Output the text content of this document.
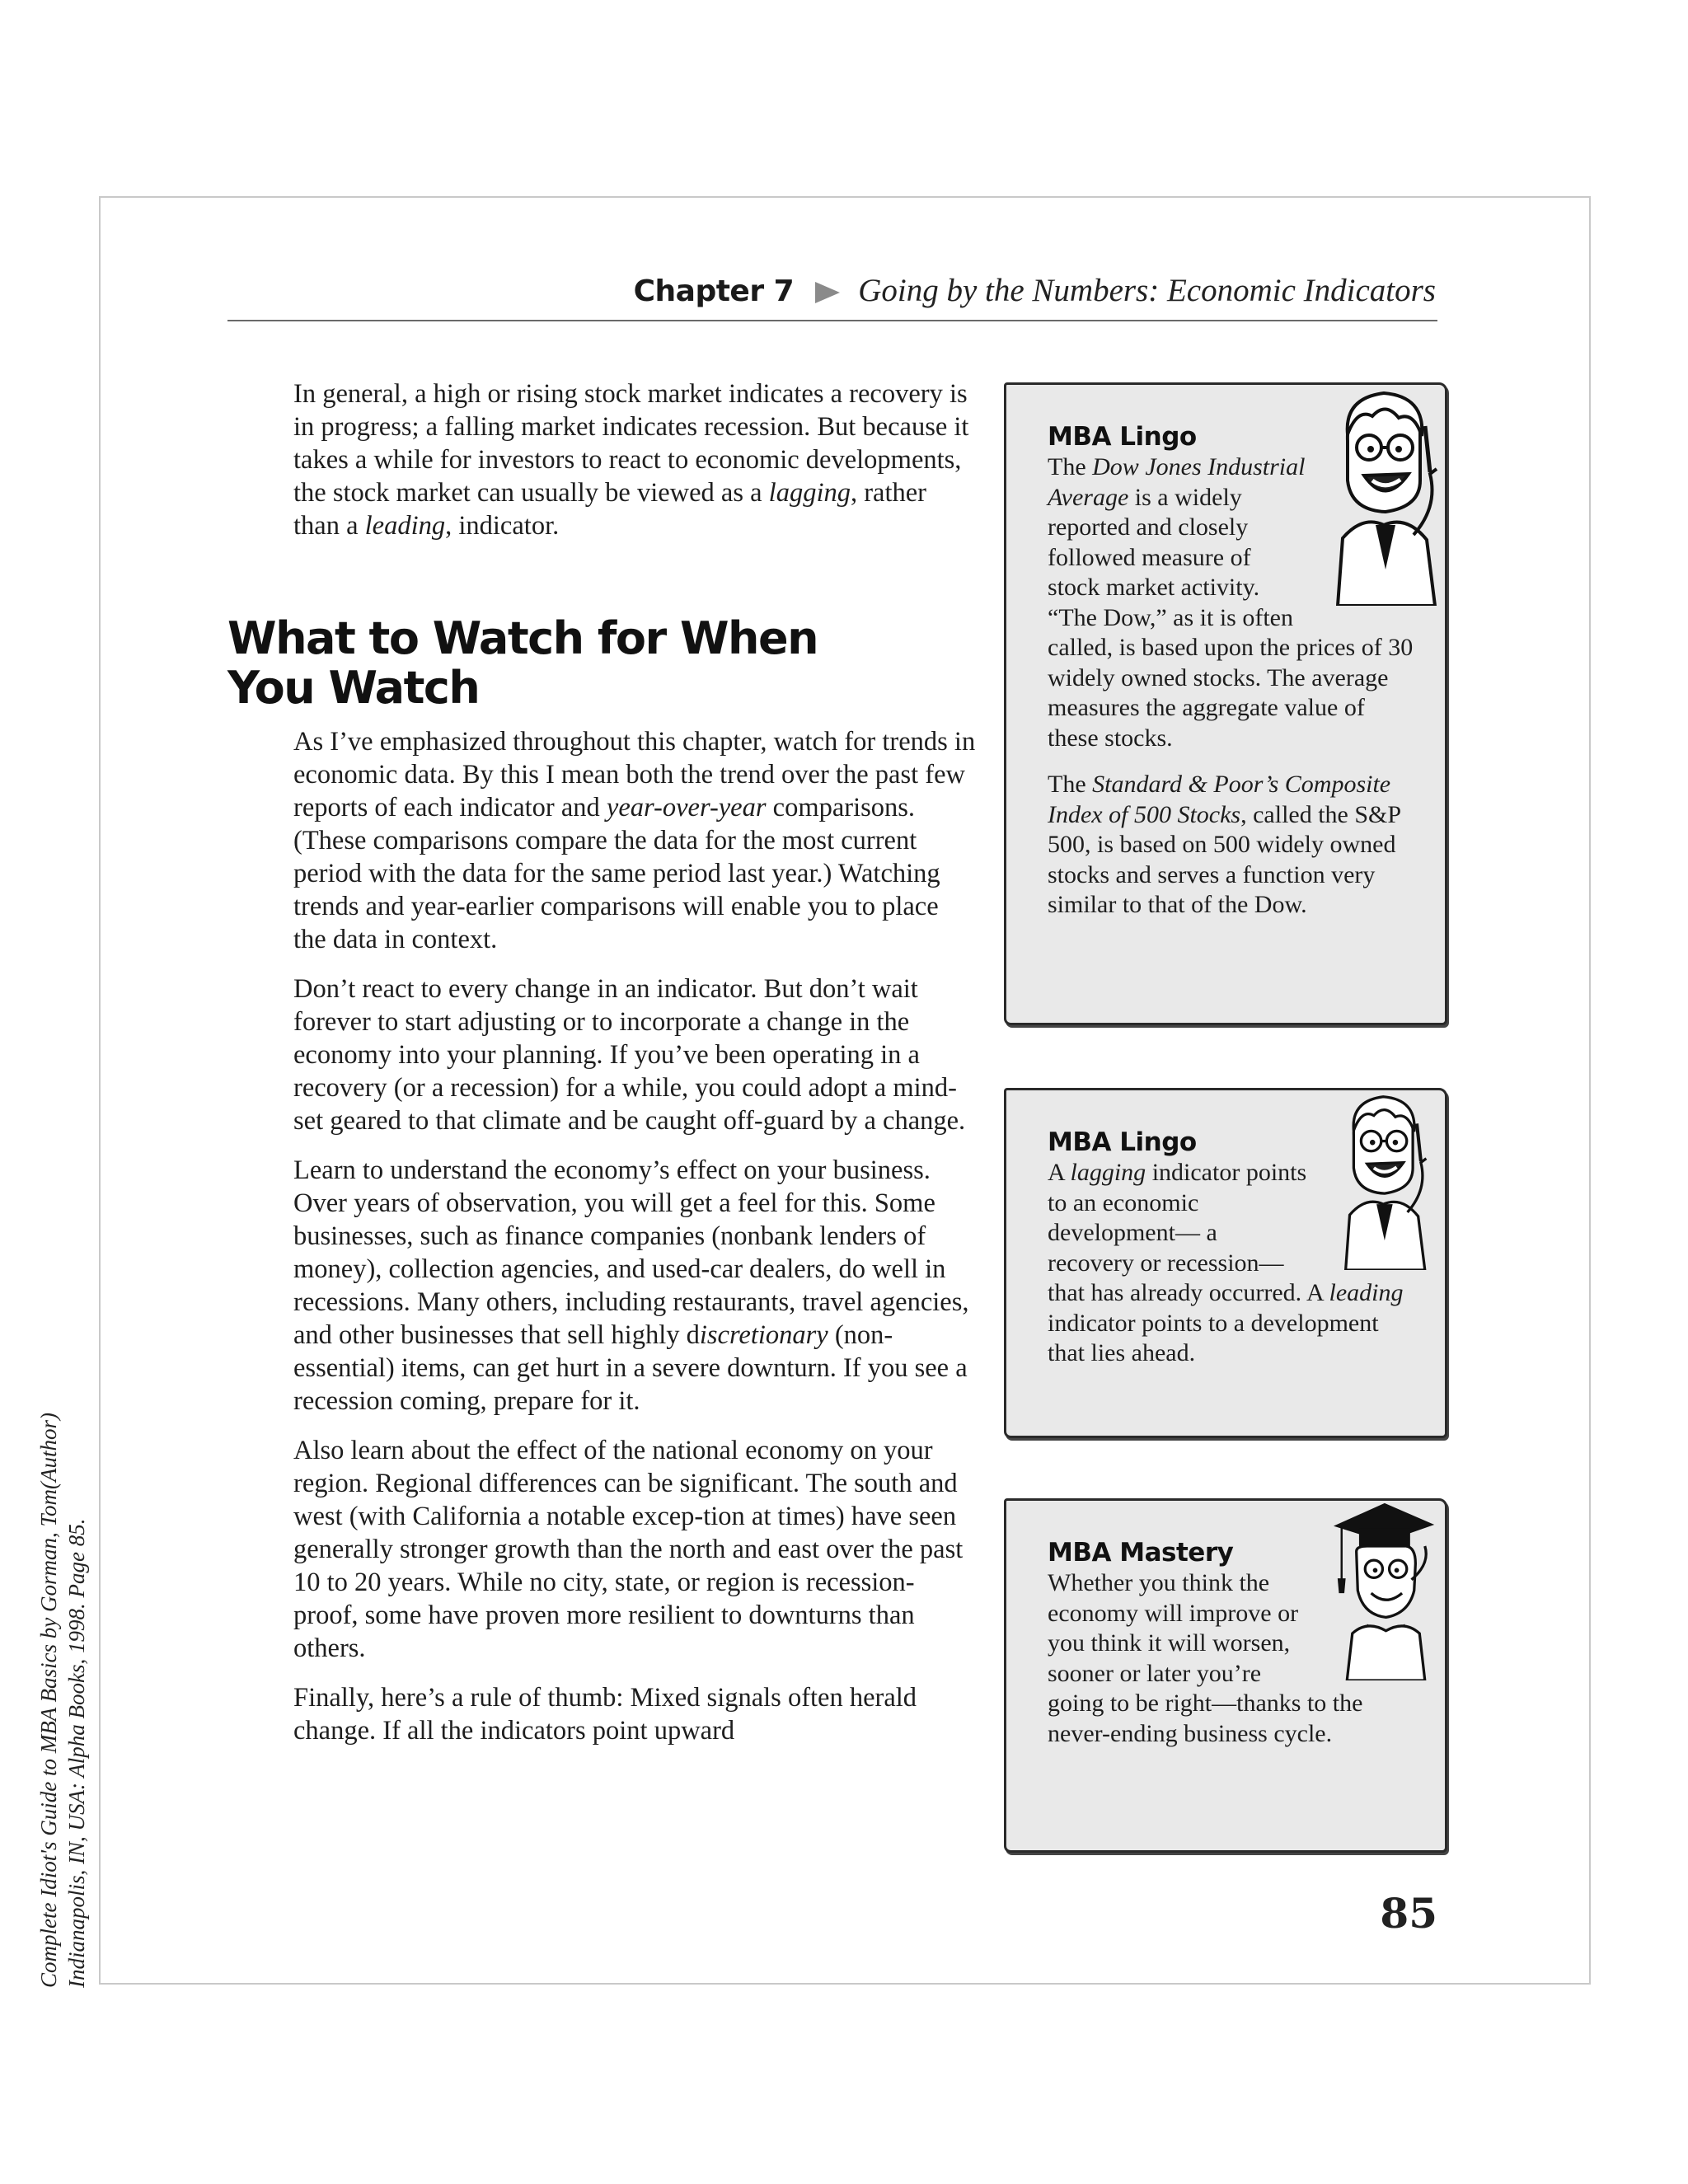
Chapter 7 Going by the Numbers: Economic Indicators

In general, a high or rising stock market indicates a recovery is in progress; a falling market indicates recession. But because it takes a while for investors to react to economic developments, the stock market can usually be viewed as a lagging, rather than a leading, indicator.

What to Watch for When
You Watch

As I’ve emphasized throughout this chapter, watch for trends in economic data. By this I mean both the trend over the past few reports of each indicator and year-over-year comparisons. (These comparisons compare the data for the most current period with the data for the same period last year.) Watching trends and year-earlier comparisons will enable you to place the data in context.

Don’t react to every change in an indicator. But don’t wait forever to start adjusting or to incorporate a change in the economy into your planning. If you’ve been operating in a recovery (or a recession) for a while, you could adopt a mind-set geared to that climate and be caught off-guard by a change.

Learn to understand the economy’s effect on your business. Over years of observation, you will get a feel for this. Some businesses, such as finance companies (nonbank lenders of money), collection agencies, and used-car dealers, do well in recessions. Many others, including restaurants, travel agencies, and other businesses that sell highly discretionary (non-essential) items, can get hurt in a severe downturn. If you see a recession coming, prepare for it.

Also learn about the effect of the national economy on your region. Regional differences can be significant. The south and west (with California a notable excep-tion at times) have seen generally stronger growth than the north and east over the past 10 to 20 years. While no city, state, or region is recession-proof, some have proven more resilient to downturns than others.

Finally, here’s a rule of thumb: Mixed signals often herald change. If all the indicators point upward

MBA Lingo

The Dow Jones Industrial Average is a widely reported and closely followed measure of stock market activity. “The Dow,” as it is often called, is based upon the prices of 30 widely owned stocks. The average measures the aggregate value of these stocks.

The Standard & Poor’s Composite Index of 500 Stocks, called the S&P 500, is based on 500 widely owned stocks and serves a function very similar to that of the Dow.

MBA Lingo

A lagging indicator points to an economic development— a recovery or recession— that has already occurred. A leading indicator points to a development that lies ahead.

MBA Mastery

Whether you think the economy will improve or you think it will worsen, sooner or later you’re going to be right—thanks to the never-ending business cycle.

85
Complete Idiot's Guide to MBA Basics by Gorman, Tom(Author) Indianapolis, IN, USA: Alpha Books, 1998. Page 85.
